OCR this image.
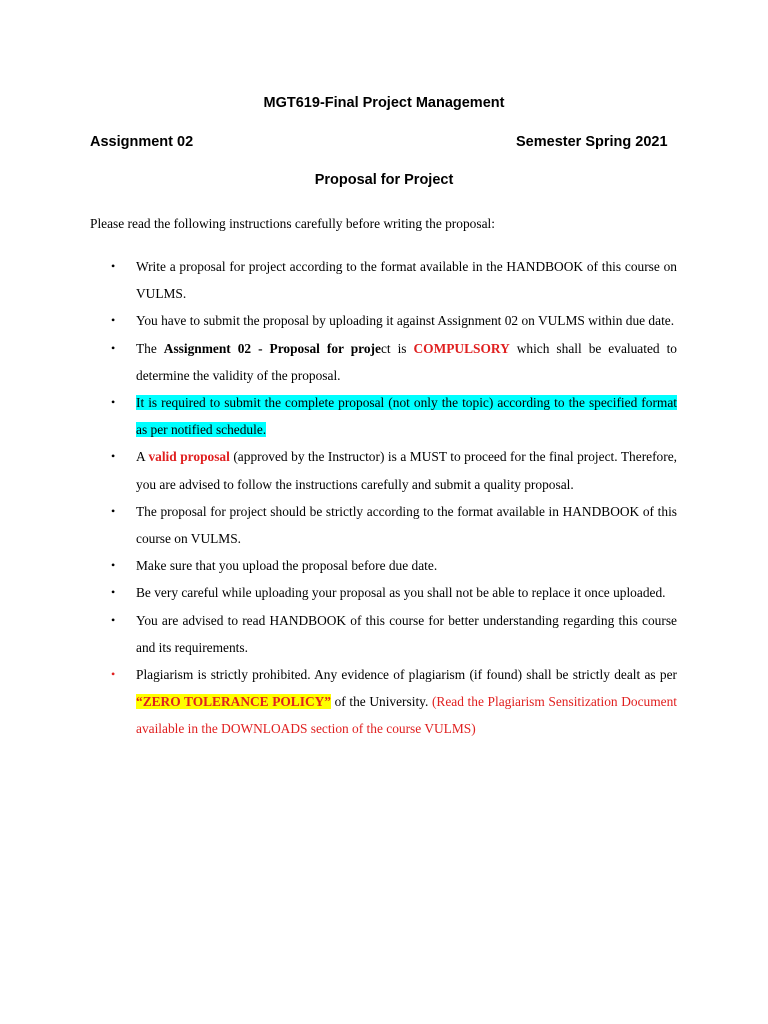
MGT619-Final Project Management
Assignment 02	Semester Spring 2021
Proposal for Project
Please read the following instructions carefully before writing the proposal:
• Write a proposal for project according to the format available in the HANDBOOK of this course on VULMS.
• You have to submit the proposal by uploading it against Assignment 02 on VULMS within due date.
• The Assignment 02 - Proposal for project is COMPULSORY which shall be evaluated to determine the validity of the proposal.
• It is required to submit the complete proposal (not only the topic) according to the specified format as per notified schedule.
• A valid proposal (approved by the Instructor) is a MUST to proceed for the final project. Therefore, you are advised to follow the instructions carefully and submit a quality proposal.
• The proposal for project should be strictly according to the format available in HANDBOOK of this course on VULMS.
• Make sure that you upload the proposal before due date.
• Be very careful while uploading your proposal as you shall not be able to replace it once uploaded.
• You are advised to read HANDBOOK of this course for better understanding regarding this course and its requirements.
• Plagiarism is strictly prohibited. Any evidence of plagiarism (if found) shall be strictly dealt as per “ZERO TOLERANCE POLICY” of the University. (Read the Plagiarism Sensitization Document available in the DOWNLOADS section of the course VULMS)
